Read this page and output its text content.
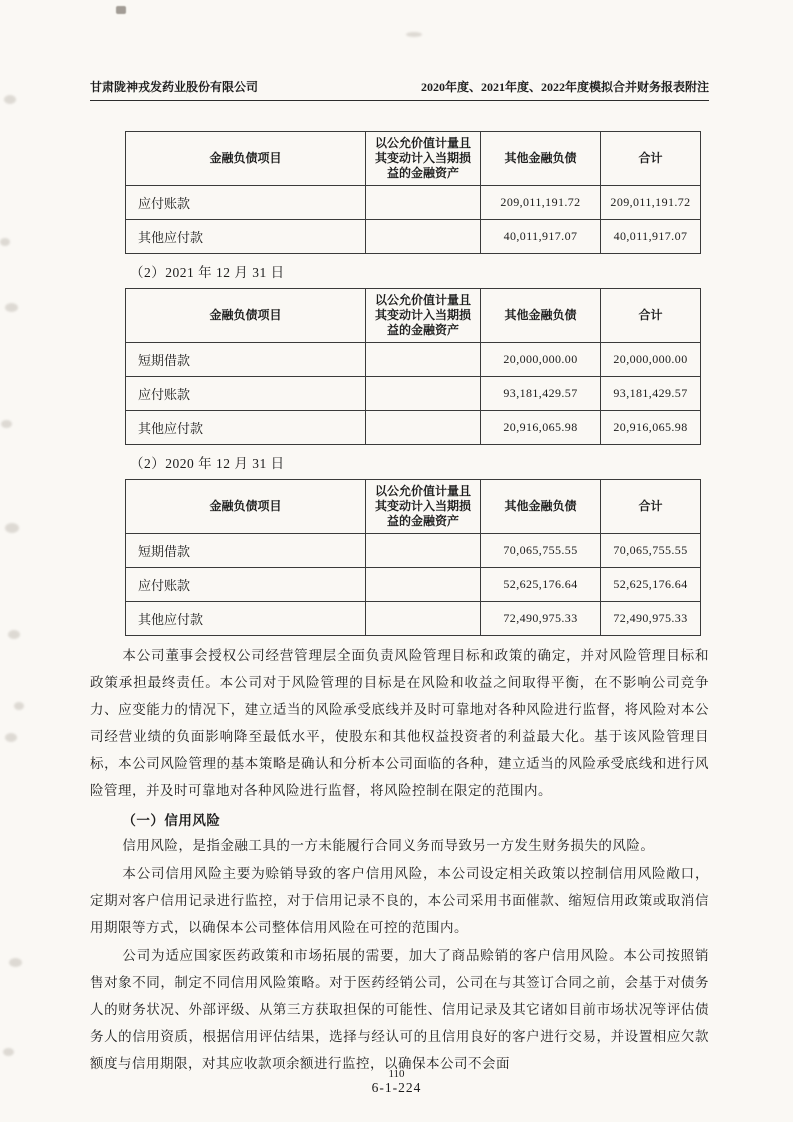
甘肃陇神戎发药业股份有限公司	2020年度、2021年度、2022年度模拟合并财务报表附注
金融负债项目	以公允价值计量且其变动计入当期损益的金融资产	其他金融负债	合计
应付账款		209,011,191.72	209,011,191.72
其他应付款		40,011,917.07	40,011,917.07
（2）2021 年 12 月 31 日
金融负债项目	以公允价值计量且其变动计入当期损益的金融资产	其他金融负债	合计
短期借款		20,000,000.00	20,000,000.00
应付账款		93,181,429.57	93,181,429.57
其他应付款		20,916,065.98	20,916,065.98
（2）2020 年 12 月 31 日
金融负债项目	以公允价值计量且其变动计入当期损益的金融资产	其他金融负债	合计
短期借款		70,065,755.55	70,065,755.55
应付账款		52,625,176.64	52,625,176.64
其他应付款		72,490,975.33	72,490,975.33

本公司董事会授权公司经营管理层全面负责风险管理目标和政策的确定，并对风险管理目标和政策承担最终责任。本公司对于风险管理的目标是在风险和收益之间取得平衡，在不影响公司竞争力、应变能力的情况下，建立适当的风险承受底线并及时可靠地对各种风险进行监督，将风险对本公司经营业绩的负面影响降至最低水平，使股东和其他权益投资者的利益最大化。基于该风险管理目标，本公司风险管理的基本策略是确认和分析本公司面临的各种，建立适当的风险承受底线和进行风险管理，并及时可靠地对各种风险进行监督，将风险控制在限定的范围内。

（一）信用风险

信用风险，是指金融工具的一方未能履行合同义务而导致另一方发生财务损失的风险。

本公司信用风险主要为赊销导致的客户信用风险，本公司设定相关政策以控制信用风险敞口，定期对客户信用记录进行监控，对于信用记录不良的，本公司采用书面催款、缩短信用政策或取消信用期限等方式，以确保本公司整体信用风险在可控的范围内。

公司为适应国家医药政策和市场拓展的需要，加大了商品赊销的客户信用风险。本公司按照销售对象不同，制定不同信用风险策略。对于医药经销公司，公司在与其签订合同之前，会基于对债务人的财务状况、外部评级、从第三方获取担保的可能性、信用记录及其它诸如目前市场状况等评估债务人的信用资质，根据信用评估结果，选择与经认可的且信用良好的客户进行交易，并设置相应欠款额度与信用期限，对其应收款项余额进行监控，以确保本公司不会面

110
6-1-224
